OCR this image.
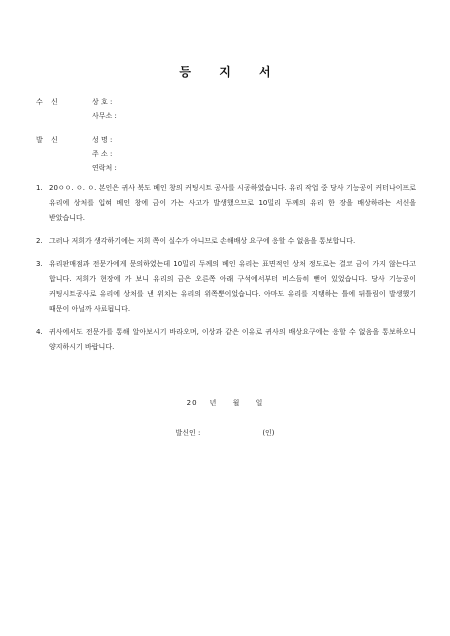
등 지 서
수 신	상 호 :
사무소 :
발 신	성 명 :
주 소 :
연락처 :
1. 20ㅇㅇ. ㅇ. ㅇ. 본인은 귀사 북도 베인 창의 커팅시트 공사를 시공하였습니다. 유리 작업 중 당사 기능공이 커터나이프로 유리에 상처를 입혀 베인 창에 금이 가는 사고가 발생했으므로 10밀리 두께의 유리 한 장을 배상하라는 서신을 받았습니다.
2. 그러나 저희가 생각하기에는 저희 쪽이 실수가 아니므로 손해배상 요구에 응할 수 없음을 통보합니다.
3. 유리판매점과 전문가에게 문의하였는데 10밀리 두께의 베인 유리는 표면적인 상처 정도로는 결코 금이 가지 않는다고 합니다. 저희가 현장에 가 보니 유리의 금은 오른쪽 아래 구석에서부터 비스듬히 뻗어 있었습니다. 당사 기능공이 커팅시트공사로 유리에 상처를 낸 위치는 유리의 위쪽뿐이었습니다. 아마도 유리를 지탱하는 틀에 뒤틀림이 발생했기 때문이 아닐까 사료됩니다.
4. 귀사에서도 전문가를 통해 알아보시기 바라오며, 이상과 같은 이유로 귀사의 배상요구에는 응할 수 없음을 통보하오니 양지하시기 바랍니다.
20 년 월 일
발신인 :	(인)
